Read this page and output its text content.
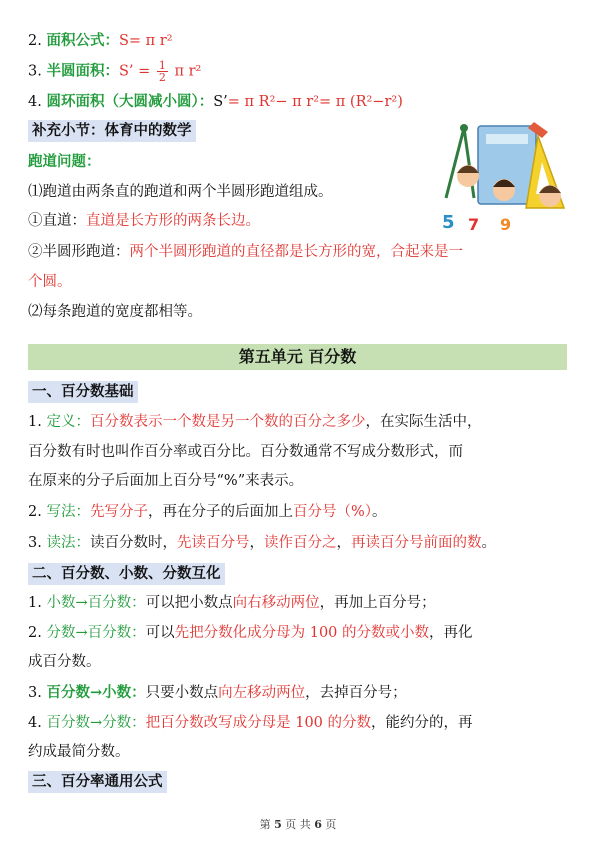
2. 面积公式：S= π r²
3. 半圆面积：S’ = $\frac{1}{2}$ π r²
4. 圆环面积（大圆减小圆）：S’= π R²− π r²= π (R²−r²)
补充小节：体育中的数学
跑道问题：
⑴跑道由两条直的跑道和两个半圆形跑道组成。
①直道：直道是长方形的两条长边。
②半圆形跑道：两个半圆形跑道的直径都是长方形的宽，合起来是一
个圆。
⑵每条跑道的宽度都相等。
5 7 9
第五单元 百分数
一、百分数基础
1. 定义：百分数表示一个数是另一个数的百分之多少，在实际生活中，
百分数有时也叫作百分率或百分比。百分数通常不写成分数形式，而
在原来的分子后面加上百分号“%”来表示。
2. 写法：先写分子，再在分子的后面加上百分号（%）。
3. 读法：读百分数时，先读百分号，读作百分之，再读百分号前面的数。
二、百分数、小数、分数互化
1. 小数→百分数：可以把小数点向右移动两位，再加上百分号；
2. 分数→百分数：可以先把分数化成分母为 100 的分数或小数，再化
成百分数。
3. 百分数→小数：只要小数点向左移动两位，去掉百分号；
4. 百分数→分数：把百分数改写成分母是 100 的分数，能约分的，再
约成最简分数。
三、百分率通用公式
第 5 页 共 6 页
